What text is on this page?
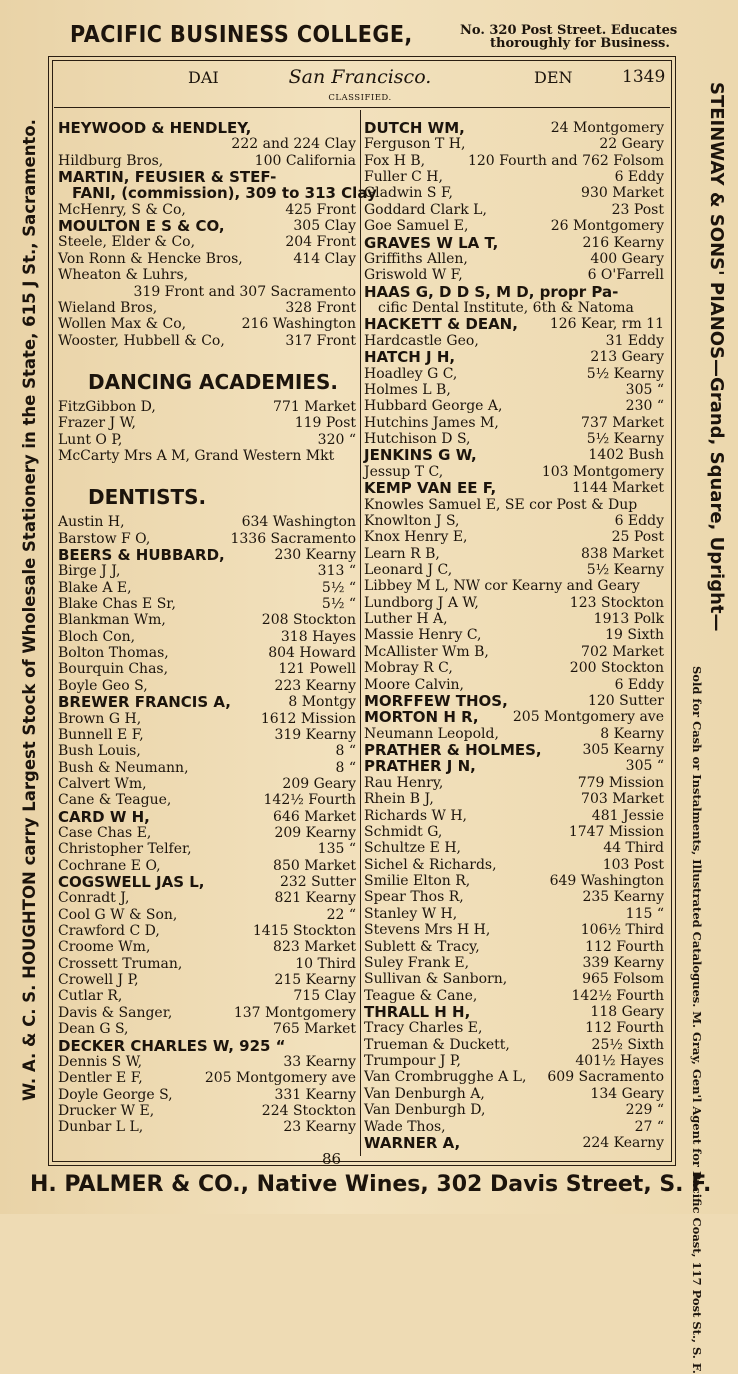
PACIFIC BUSINESS COLLEGE,	No. 320 Post Street. Educates
thoroughly for Business.
W. A. & C. S. HOUGHTON carry Largest Stock of Wholesale Stationery in the State, 615 J St., Sacramento.	STEINWAY & SONS' PIANOS—Grand, Square, Upright—
Sold for Cash or Instalments, Illustrated Catalogues. M. Gray, Gen'l Agent for Pacific Coast, 117 Post St., S. F.
DAI	San Francisco.
CLASSIFIED.
DEN	1349
HEYWOOD & HENDLEY,
222 and 224 Clay
Hildburg Bros,	100 California
MARTIN, FEUSIER & STEF-
FANI, (commission), 309 to 313 Clay
McHenry, S & Co,	425 Front
MOULTON E S & CO,	305 Clay
Steele, Elder & Co,	204 Front
Von Ronn & Hencke Bros,	414 Clay
Wheaton & Luhrs,
319 Front and 307 Sacramento
Wieland Bros,	328 Front
Wollen Max & Co,	216 Washington
Wooster, Hubbell & Co,	317 Front
DANCING ACADEMIES.
FitzGibbon D,	771 Market
Frazer J W,	119 Post
Lunt O P,	320 “
McCarty Mrs A M, Grand Western Mkt
DENTISTS.
Austin H,	634 Washington
Barstow F O,	1336 Sacramento
BEERS & HUBBARD,	230 Kearny
Birge J J,	313 “
Blake A E,	5½ “
Blake Chas E Sr,	5½ “
Blankman Wm,	208 Stockton
Bloch Con,	318 Hayes
Bolton Thomas,	804 Howard
Bourquin Chas,	121 Powell
Boyle Geo S,	223 Kearny
BREWER FRANCIS A,	8 Montgy
Brown G H,	1612 Mission
Bunnell E F,	319 Kearny
Bush Louis,	8 “
Bush & Neumann,	8 “
Calvert Wm,	209 Geary
Cane & Teague,	142½ Fourth
CARD W H,	646 Market
Case Chas E,	209 Kearny
Christopher Telfer,	135 “
Cochrane E O,	850 Market
COGSWELL JAS L,	232 Sutter
Conradt J,	821 Kearny
Cool G W & Son,	22 “
Crawford C D,	1415 Stockton
Croome Wm,	823 Market
Crossett Truman,	10 Third
Crowell J P,	215 Kearny
Cutlar R,	715 Clay
Davis & Sanger,	137 Montgomery
Dean G S,	765 Market
DECKER CHARLES W, 925 “
Dennis S W,	33 Kearny
Dentler E F,	205 Montgomery ave
Doyle George S,	331 Kearny
Drucker W E,	224 Stockton
Dunbar L L,	23 Kearny
DUTCH WM,	24 Montgomery
Ferguson T H,	22 Geary
Fox H B,	120 Fourth and 762 Folsom
Fuller C H,	6 Eddy
Gladwin S F,	930 Market
Goddard Clark L,	23 Post
Goe Samuel E,	26 Montgomery
GRAVES W LA T,	216 Kearny
Griffiths Allen,	400 Geary
Griswold W F,	6 O'Farrell
HAAS G, D D S, M D, propr Pa-
cific Dental Institute, 6th & Natoma
HACKETT & DEAN, 126 Kear, rm 11
Hardcastle Geo,	31 Eddy
HATCH J H,	213 Geary
Hoadley G C,	5½ Kearny
Holmes L B,	305 “
Hubbard George A,	230 “
Hutchins James M,	737 Market
Hutchison D S,	5½ Kearny
JENKINS G W,	1402 Bush
Jessup T C,	103 Montgomery
KEMP VAN EE F,	1144 Market
Knowles Samuel E, SE cor Post & Dup
Knowlton J S,	6 Eddy
Knox Henry E,	25 Post
Learn R B,	838 Market
Leonard J C,	5½ Kearny
Libbey M L, NW cor Kearny and Geary
Lundborg J A W,	123 Stockton
Luther H A,	1913 Polk
Massie Henry C,	19 Sixth
McAllister Wm B,	702 Market
Mobray R C,	200 Stockton
Moore Calvin,	6 Eddy
MORFFEW THOS,	120 Sutter
MORTON H R, 205 Montgomery ave
Neumann Leopold,	8 Kearny
PRATHER & HOLMES,	305 Kearny
PRATHER J N,	305 “
Rau Henry,	779 Mission
Rhein B J,	703 Market
Richards W H,	481 Jessie
Schmidt G,	1747 Mission
Schultze E H,	44 Third
Sichel & Richards,	103 Post
Smilie Elton R,	649 Washington
Spear Thos R,	235 Kearny
Stanley W H,	115 “
Stevens Mrs H H,	106½ Third
Sublett & Tracy,	112 Fourth
Suley Frank E,	339 Kearny
Sullivan & Sanborn,	965 Folsom
Teague & Cane,	142½ Fourth
THRALL H H,	118 Geary
Tracy Charles E,	112 Fourth
Trueman & Duckett,	25½ Sixth
Trumpour J P,	401½ Hayes
Van Crombrugghe A L, 609 Sacramento
Van Denburgh A,	134 Geary
Van Denburgh D,	229 “
Wade Thos,	27 “
WARNER A,	224 Kearny
86
H. PALMER & CO., Native Wines, 302 Davis Street, S. F.
